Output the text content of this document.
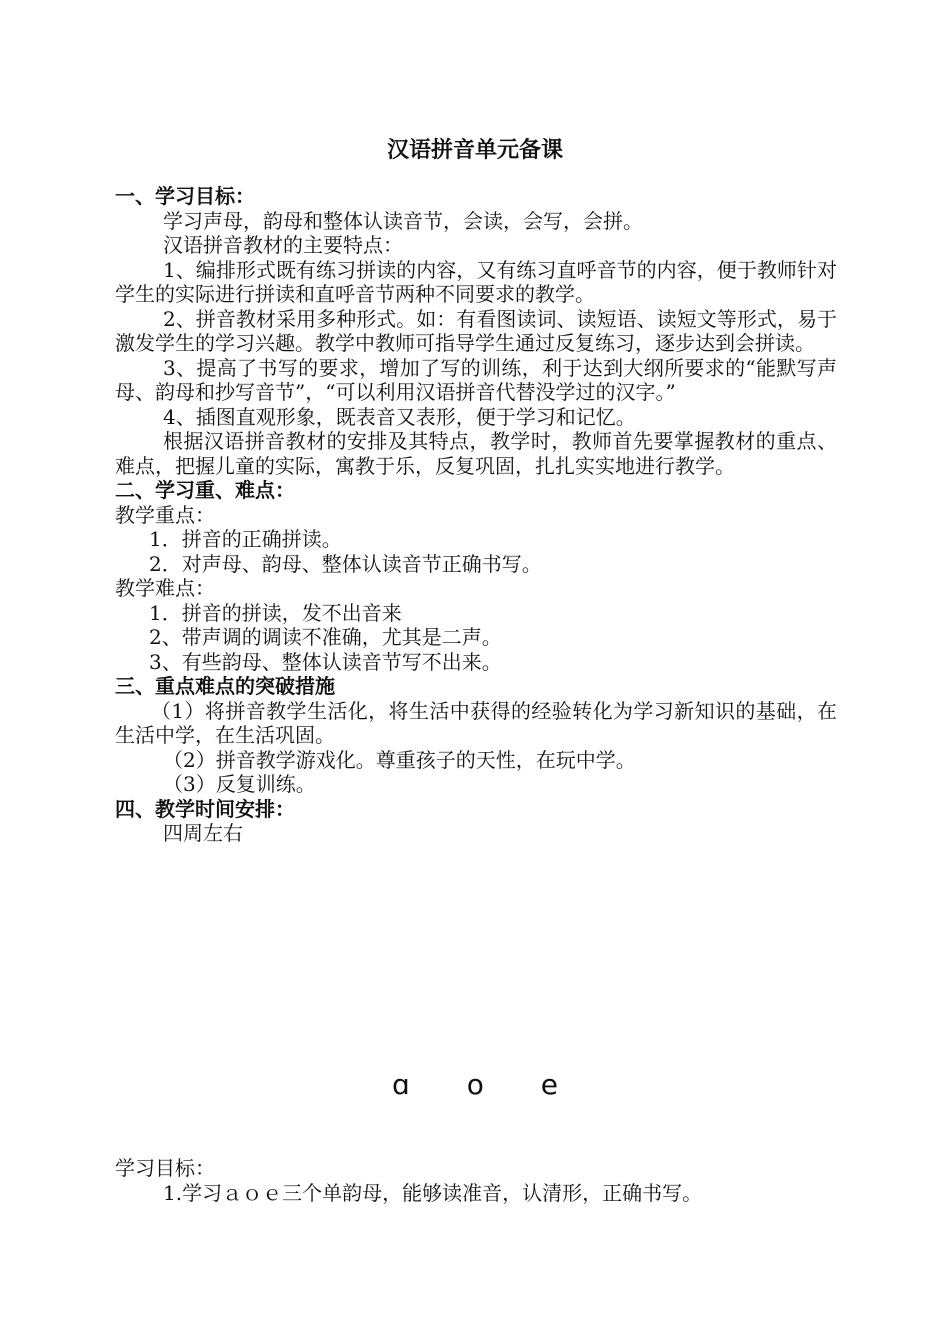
汉语拼音单元备课

一、学习目标：

学习声母，韵母和整体认读音节，会读，会写，会拼。

汉语拼音教材的主要特点：

1、编排形式既有练习拼读的内容，又有练习直呼音节的内容，便于教师针对学生的实际进行拼读和直呼音节两种不同要求的教学。

2、拼音教材采用多种形式。如：有看图读词、读短语、读短文等形式，易于激发学生的学习兴趣。教学中教师可指导学生通过反复练习，逐步达到会拼读。

3、提高了书写的要求，增加了写的训练，利于达到大纲所要求的“能默写声母、韵母和抄写音节”，“可以利用汉语拼音代替没学过的汉字。”

4、插图直观形象，既表音又表形，便于学习和记忆。

根据汉语拼音教材的安排及其特点，教学时，教师首先要掌握教材的重点、难点，把握儿童的实际，寓教于乐，反复巩固，扎扎实实地进行教学。

二、学习重、难点：

教学重点：

1．拼音的正确拼读。

2．对声母、韵母、整体认读音节正确书写。

教学难点：

1．拼音的拼读，发不出音来

2、带声调的调读不准确，尤其是二声。

3、有些韵母、整体认读音节写不出来。

三、重点难点的突破措施

（1）将拼音教学生活化，将生活中获得的经验转化为学习新知识的基础，在生活中学，在生活巩固。

（2）拼音教学游戏化。尊重孩子的天性，在玩中学。

（3）反复训练。

四、教学时间安排：

四周左右

ɑ o e

学习目标：

1.学习ａｏｅ三个单韵母，能够读准音，认清形，正确书写。
